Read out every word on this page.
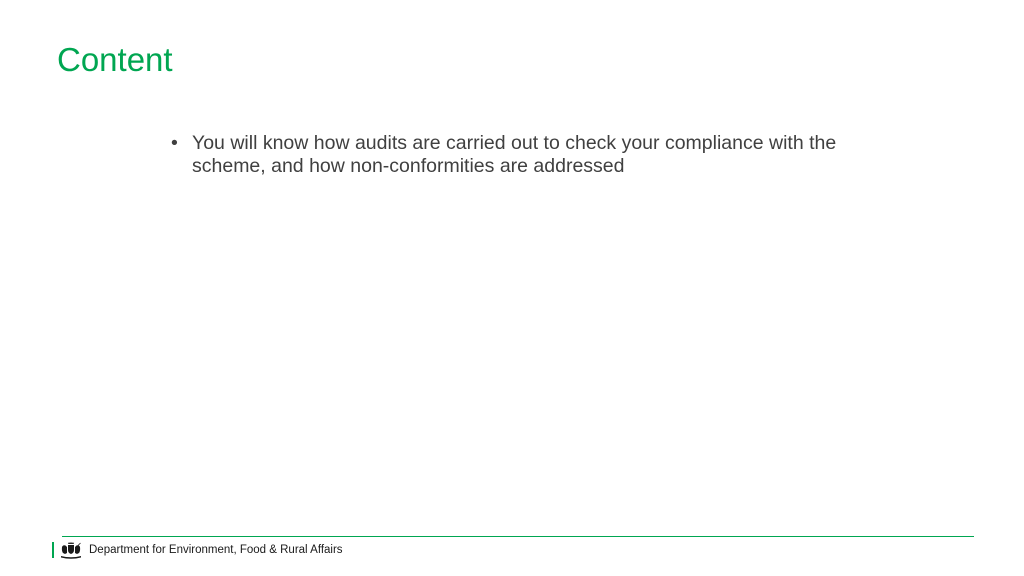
Content
• You will know how audits are carried out to check your compliance with the scheme, and how non-conformities are addressed
Department for Environment, Food & Rural Affairs
